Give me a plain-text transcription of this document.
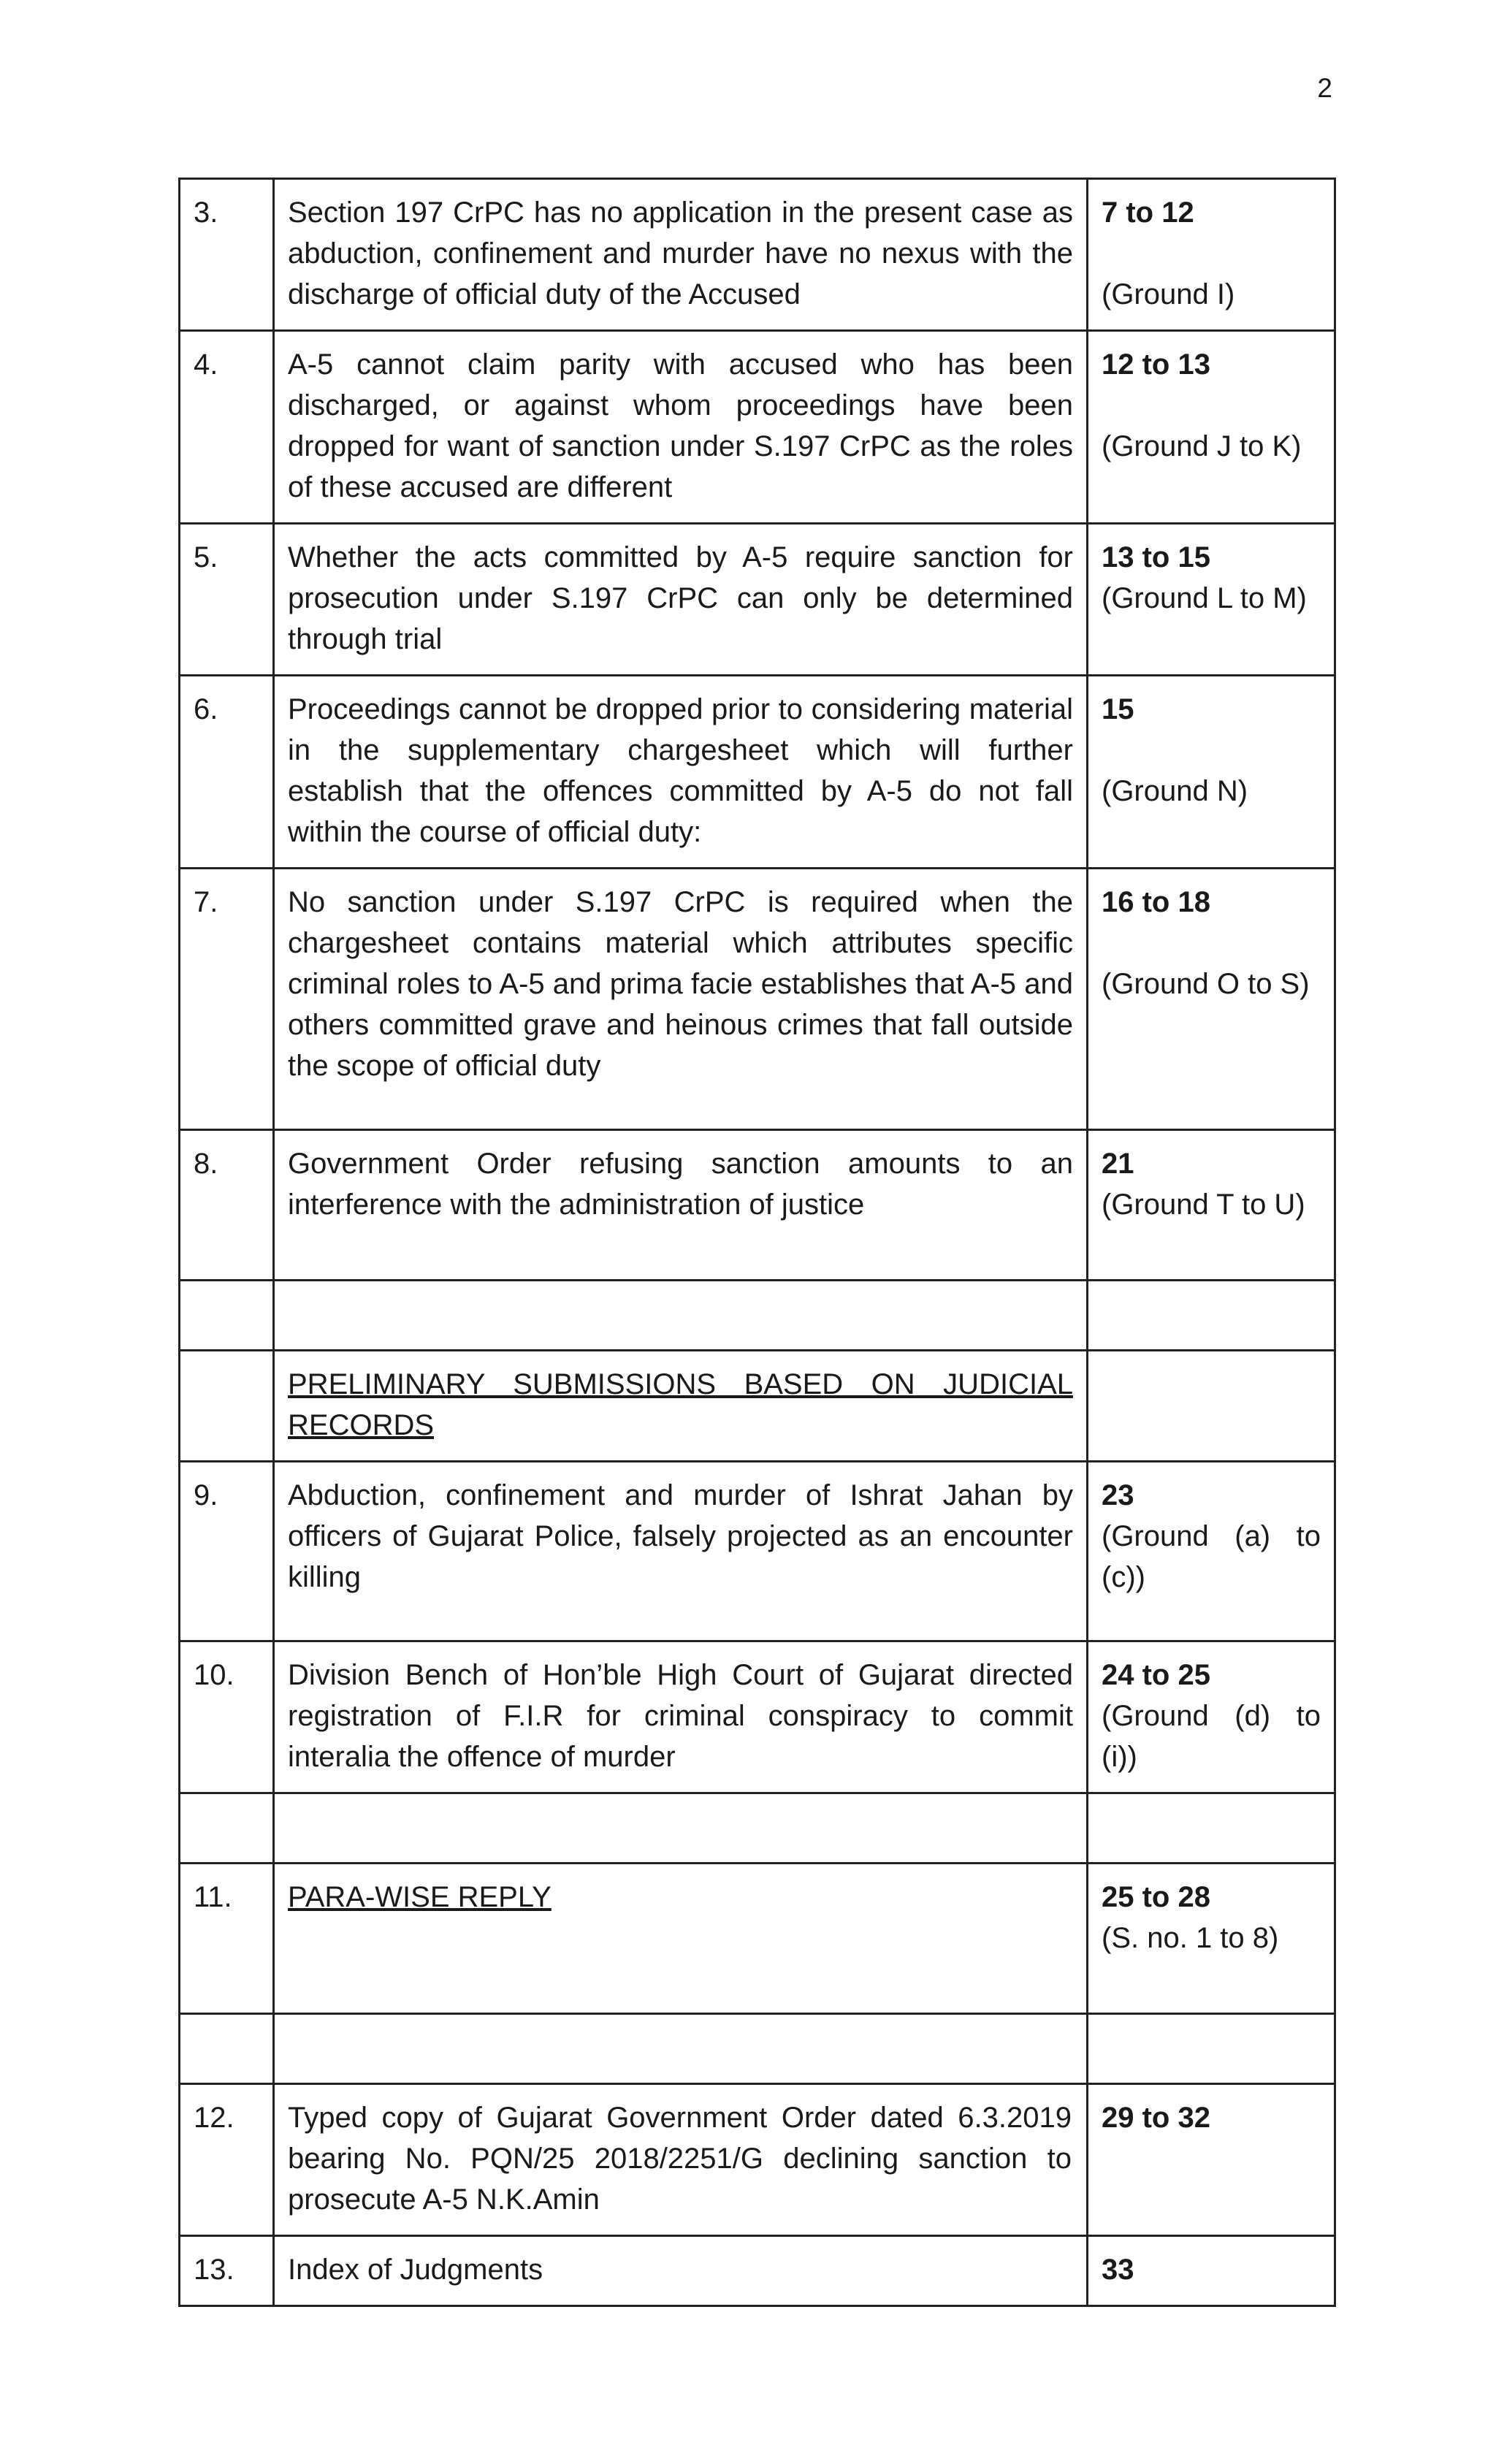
2
3.	Section 197 CrPC has no application in the present case as abduction, confinement and murder have no nexus with the discharge of official duty of the Accused	7 to 12
(Ground I)

4.	A-5 cannot claim parity with accused who has been discharged, or against whom proceedings have been dropped for want of sanction under S.197 CrPC as the roles of these accused are different	12 to 13
(Ground J to K)

5.	Whether the acts committed by A-5 require sanction for prosecution under S.197 CrPC can only be determined through trial	13 to 15
(Ground L to M)

6.	Proceedings cannot be dropped prior to considering material in the supplementary chargesheet which will further establish that the offences committed by A-5 do not fall within the course of official duty:	15
(Ground N)

7.	No sanction under S.197 CrPC is required when the chargesheet contains material which attributes specific criminal roles to A-5 and prima facie establishes that A-5 and others committed grave and heinous crimes that fall outside the scope of official duty	16 to 18
(Ground O to S)

8.	Government Order refusing sanction amounts to an interference with the administration of justice	21
(Ground T to U)

	PRELIMINARY SUBMISSIONS BASED ON JUDICIAL RECORDS	
9.	Abduction, confinement and murder of Ishrat Jahan by officers of Gujarat Police, falsely projected as an encounter killing	23
(Ground (a) to (c))

10.	Division Bench of Hon’ble High Court of Gujarat directed registration of F.I.R for criminal conspiracy to commit interalia the offence of murder	24 to 25
(Ground (d) to (i))

11.	PARA-WISE REPLY	25 to 28
(S. no. 1 to 8)

12.	Typed copy of Gujarat Government Order dated 6.3.2019 bearing No. PQN/25 2018/2251/G declining sanction to prosecute A-5 N.K.Amin	29 to 32

13.	Index of Judgments	33
